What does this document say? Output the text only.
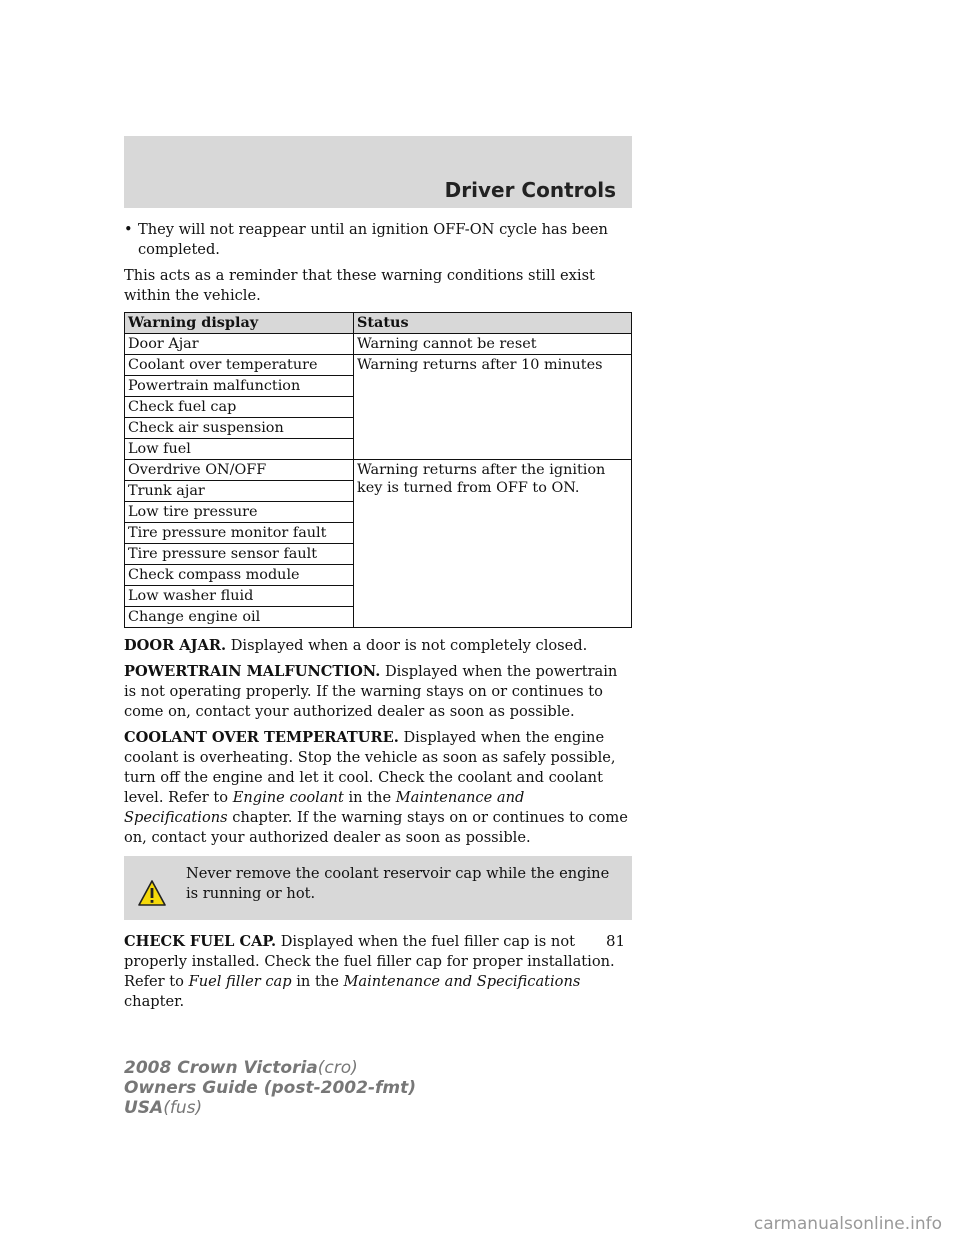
Driver Controls
• They will not reappear until an ignition OFF-ON cycle has been completed.

This acts as a reminder that these warning conditions still exist within the vehicle.

Warning display	Status
Door Ajar	Warning cannot be reset
Coolant over temperature	Warning returns after 10 minutes
Powertrain malfunction	
Check fuel cap	
Check air suspension	
Low fuel	
Overdrive ON/OFF	Warning returns after the ignition key is turned from OFF to ON.
Trunk ajar	
Low tire pressure	
Tire pressure monitor fault	
Tire pressure sensor fault	
Check compass module	
Low washer fluid	
Change engine oil	

DOOR AJAR. Displayed when a door is not completely closed.

POWERTRAIN MALFUNCTION. Displayed when the powertrain is not operating properly. If the warning stays on or continues to come on, contact your authorized dealer as soon as possible.

COOLANT OVER TEMPERATURE. Displayed when the engine coolant is overheating. Stop the vehicle as soon as safely possible, turn off the engine and let it cool. Check the coolant and coolant level. Refer to Engine coolant in the Maintenance and Specifications chapter. If the warning stays on or continues to come on, contact your authorized dealer as soon as possible.

Never remove the coolant reservoir cap while the engine is running or hot.

CHECK FUEL CAP. Displayed when the fuel filler cap is not properly installed. Check the fuel filler cap for proper installation. Refer to Fuel filler cap in the Maintenance and Specifications chapter.

81
2008 Crown Victoria(cro)
Owners Guide (post-2002-fmt)
USA(fus)
carmanualsonline.info
